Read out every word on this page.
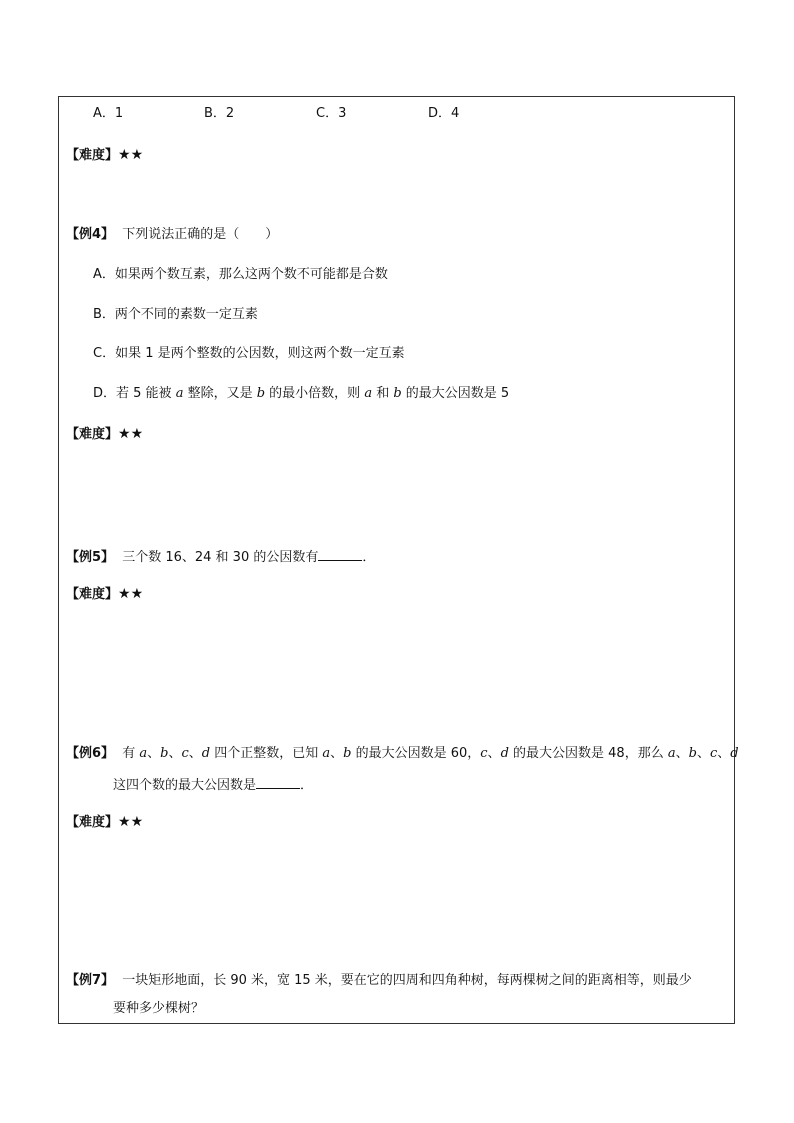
A．1	B．2	C．3	D．4
【难度】★★
【例4】 下列说法正确的是（　　）
A．如果两个数互素，那么这两个数不可能都是合数
B．两个不同的素数一定互素
C．如果 1 是两个整数的公因数，则这两个数一定互素
D．若 5 能被 a 整除，又是 b 的最小倍数，则 a 和 b 的最大公因数是 5
【难度】★★
【例5】 三个数 16、24 和 30 的公因数有	．
【难度】★★
【例6】 有 a、b、c、d 四个正整数，已知 a、b 的最大公因数是 60，c、d 的最大公因数是 48，那么 a、b、c、d
这四个数的最大公因数是	．
【难度】★★
【例7】 一块矩形地面，长 90 米，宽 15 米，要在它的四周和四角种树，每两棵树之间的距离相等，则最少
要种多少棵树？
